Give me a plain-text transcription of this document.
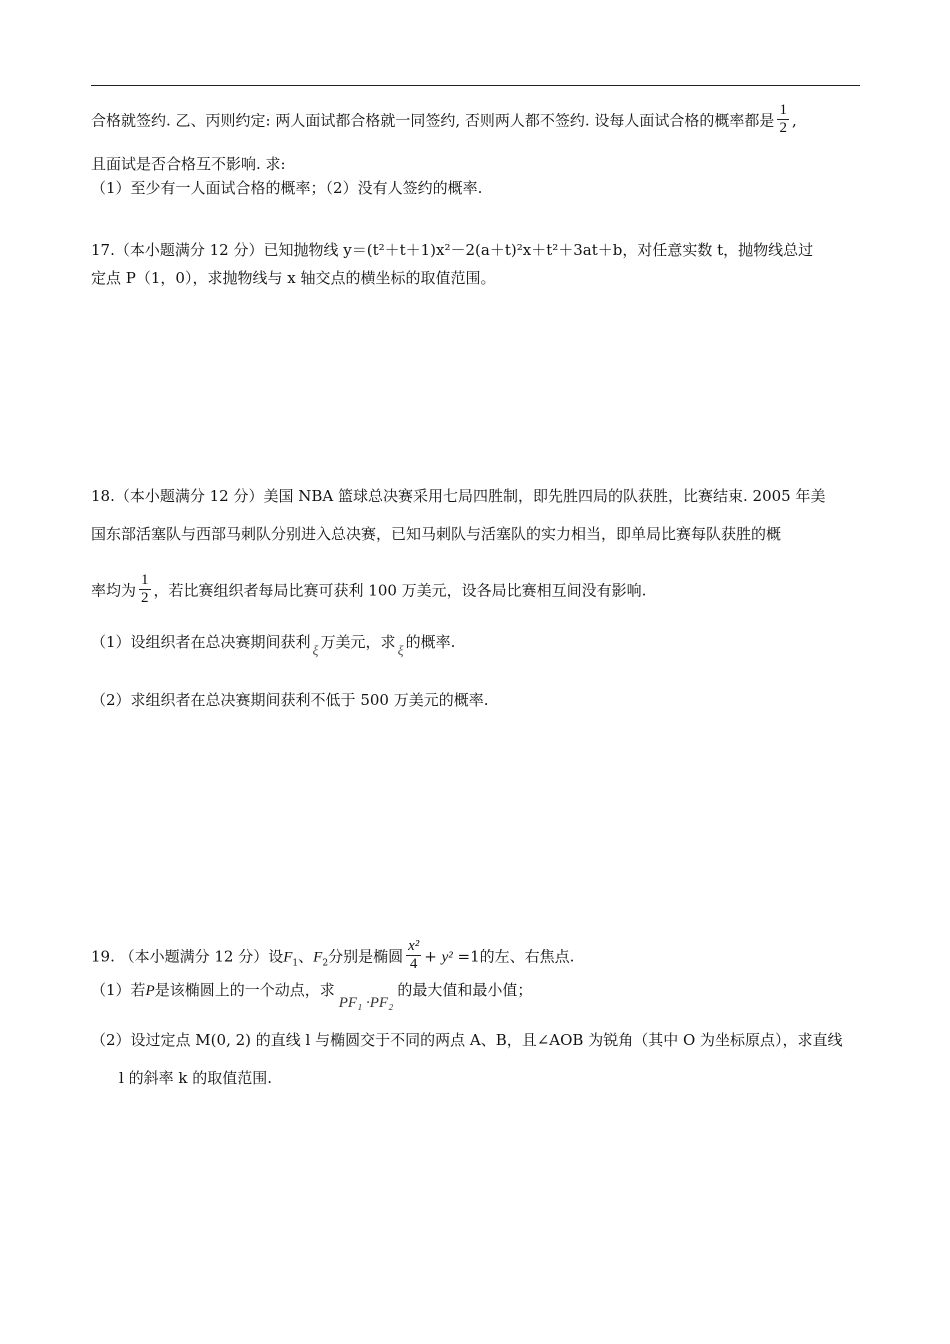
合格就签约. 乙、丙则约定: 两人面试都合格就一同签约, 否则两人都不签约. 设每人面试合格的概率都是 $\frac{1}{2}$ ,
且面试是否合格互不影响. 求:
（1）至少有一人面试合格的概率；（2）没有人签约的概率.
17.（本小题满分 12 分）已知抛物线 y＝(t²＋t＋1)x²－2(a＋t)²x＋t²＋3at＋b，对任意实数 t，抛物线总过
定点 P（1，0），求抛物线与 x 轴交点的横坐标的取值范围。
18.（本小题满分 12 分）美国 NBA 篮球总决赛采用七局四胜制，即先胜四局的队获胜，比赛结束. 2005 年美
国东部活塞队与西部马刺队分别进入总决赛，已知马刺队与活塞队的实力相当，即单局比赛每队获胜的概
率均为 $\frac{1}{2}$ ，若比赛组织者每局比赛可获利 100 万美元，设各局比赛相互间没有影响.
（1）设组织者在总决赛期间获利ξ万美元，求ξ的概率.
（2）求组织者在总决赛期间获利不低于 500 万美元的概率.
19. （本小题满分 12 分）设$F_1$、$F_2$分别是椭圆 $\frac{\text{x²}}{4} + y^2 =1$的左、右焦点.
（1）若P是该椭圆上的一个动点，求PF₁ ·PF₂的最大值和最小值；
（2）设过定点 M(0, 2) 的直线 l 与椭圆交于不同的两点 A、B，且∠AOB 为锐角（其中 O 为坐标原点），求直线
l 的斜率 k 的取值范围.
